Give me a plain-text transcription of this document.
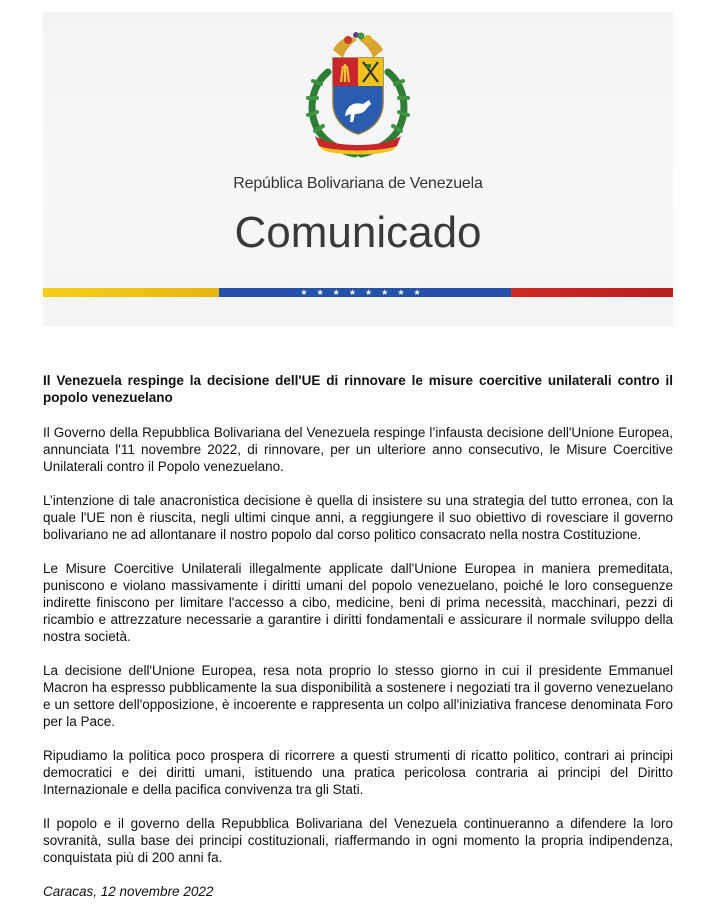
República Bolivariana de Venezuela
Comunicado
★★★★★★★★

Il Venezuela respinge la decisione dell'UE di rinnovare le misure coercitive unilaterali contro il popolo venezuelano

Il Governo della Repubblica Bolivariana del Venezuela respinge l’infausta decisione dell'Unione Europea, annunciata l'11 novembre 2022, di rinnovare, per un ulteriore anno consecutivo, le Misure Coercitive Unilaterali contro il Popolo venezuelano.

L’intenzione di tale anacronistica decisione è quella di insistere su una strategia del tutto erronea, con la quale l'UE non è riuscita, negli ultimi cinque anni, a reggiungere il suo obiettivo di rovesciare il governo bolivariano ne ad allontanare il nostro popolo dal corso politico consacrato nella nostra Costituzione.

Le Misure Coercitive Unilaterali illegalmente applicate dall'Unione Europea in maniera premeditata, puniscono e violano massivamente i diritti umani del popolo venezuelano, poiché le loro conseguenze indirette finiscono per limitare l'accesso a cibo, medicine, beni di prima necessità, macchinari, pezzi di ricambio e attrezzature necessarie a garantire i diritti fondamentali e assicurare il normale sviluppo della nostra società.

La decisione dell'Unione Europea, resa nota proprio lo stesso giorno in cui il presidente Emmanuel Macron ha espresso pubblicamente la sua disponibilità a sostenere i negoziati tra il governo venezuelano e un settore dell'opposizione, è incoerente e rappresenta un colpo all'iniziativa francese denominata Foro per la Pace.

Ripudiamo la politica poco prospera di ricorrere a questi strumenti di ricatto politico, contrari ai principi democratici e dei diritti umani, istituendo una pratica pericolosa contraria ai principi del Diritto Internazionale e della pacifica convivenza tra gli Stati.

Il popolo e il governo della Repubblica Bolivariana del Venezuela continueranno a difendere la loro sovranità, sulla base dei principi costituzionali, riaffermando in ogni momento la propria indipendenza, conquistata più di 200 anni fa.

Caracas, 12 novembre 2022
